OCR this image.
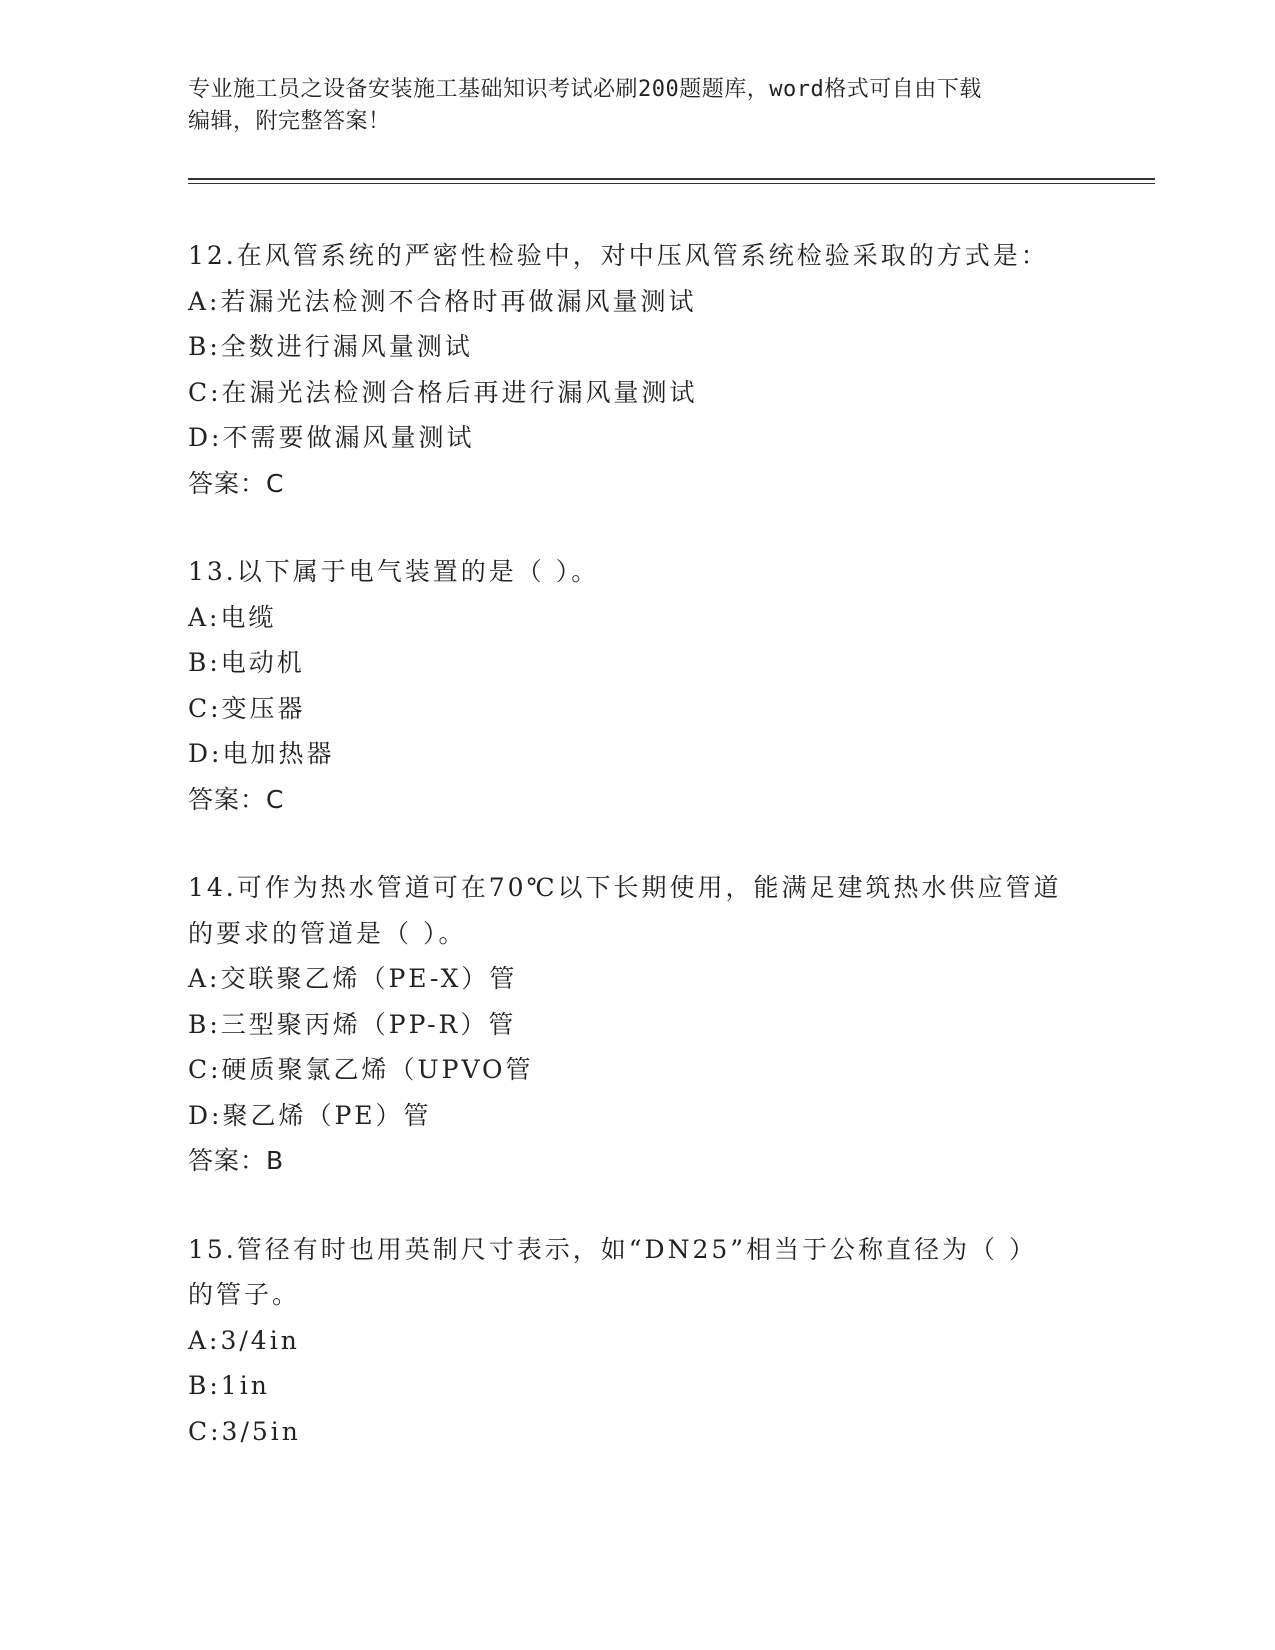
专业施工员之设备安装施工基础知识考试必刷200题题库，word格式可自由下载

编辑，附完整答案！

12.在风管系统的严密性检验中，对中压风管系统检验采取的方式是：
A:若漏光法检测不合格时再做漏风量测试
B:全数进行漏风量测试
C:在漏光法检测合格后再进行漏风量测试
D:不需要做漏风量测试
答案：C
13.以下属于电气装置的是（ ）。
A:电缆
B:电动机
C:变压器
D:电加热器
答案：C
14.可作为热水管道可在70℃以下长期使用，能满足建筑热水供应管道
的要求的管道是（ ）。
A:交联聚乙烯（PE-X）管
B:三型聚丙烯（PP-R）管
C:硬质聚氯乙烯（UPVO管
D:聚乙烯（PE）管
答案：B
15.管径有时也用英制尺寸表示，如“DN25”相当于公称直径为（ ）
的管子。
A:3/4in
B:1in
C:3/5in
